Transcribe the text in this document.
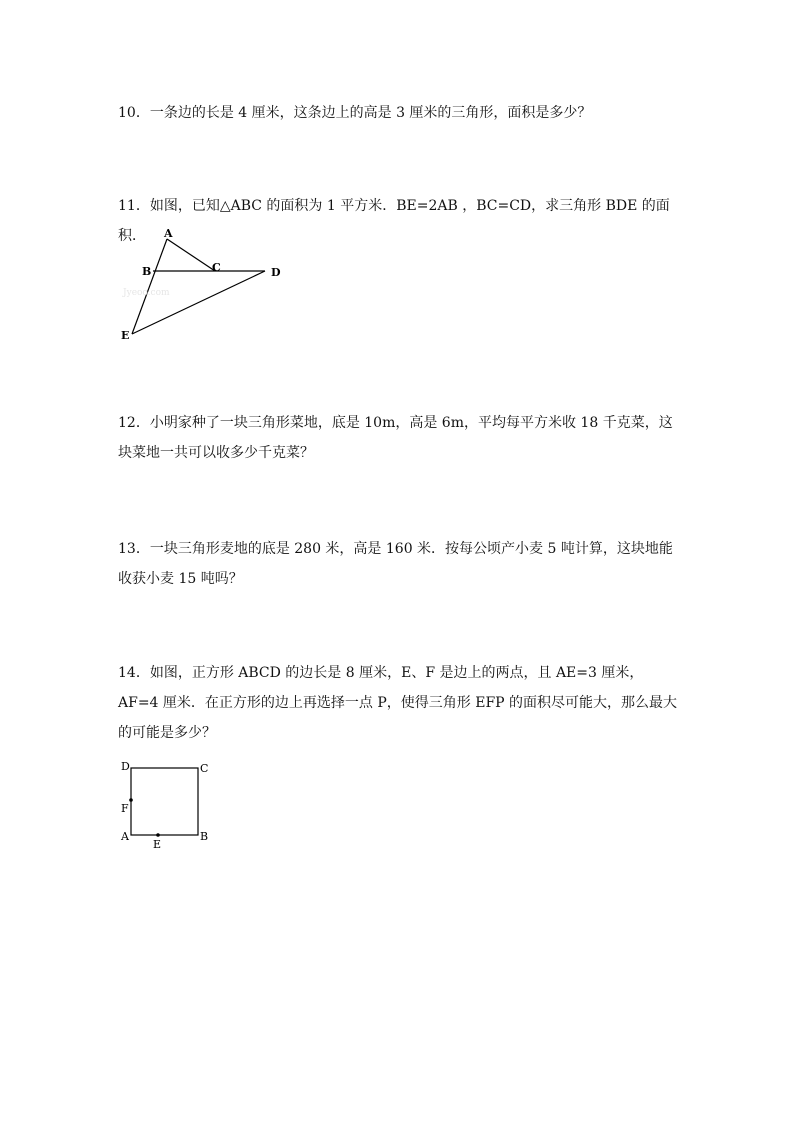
10．一条边的长是 4 厘米，这条边上的高是 3 厘米的三角形，面积是多少？
11．如图，已知△ABC 的面积为 1 平方米．BE=2AB ，BC=CD，求三角形 BDE 的面积．
Jyeoo.com
A
B	C	D
E
12．小明家种了一块三角形菜地，底是 10m，高是 6m，平均每平方米收 18 千克菜，这块菜地一共可以收多少千克菜？
13．一块三角形麦地的底是 280 米，高是 160 米．按每公顷产小麦 5 吨计算，这块地能收获小麦 15 吨吗？
14．如图，正方形 ABCD 的边长是 8 厘米，E、F 是边上的两点，且 AE=3 厘米，AF=4 厘米．在正方形的边上再选择一点 P，使得三角形 EFP 的面积尽可能大，那么最大的可能是多少？
D	C
F
A	B
E
